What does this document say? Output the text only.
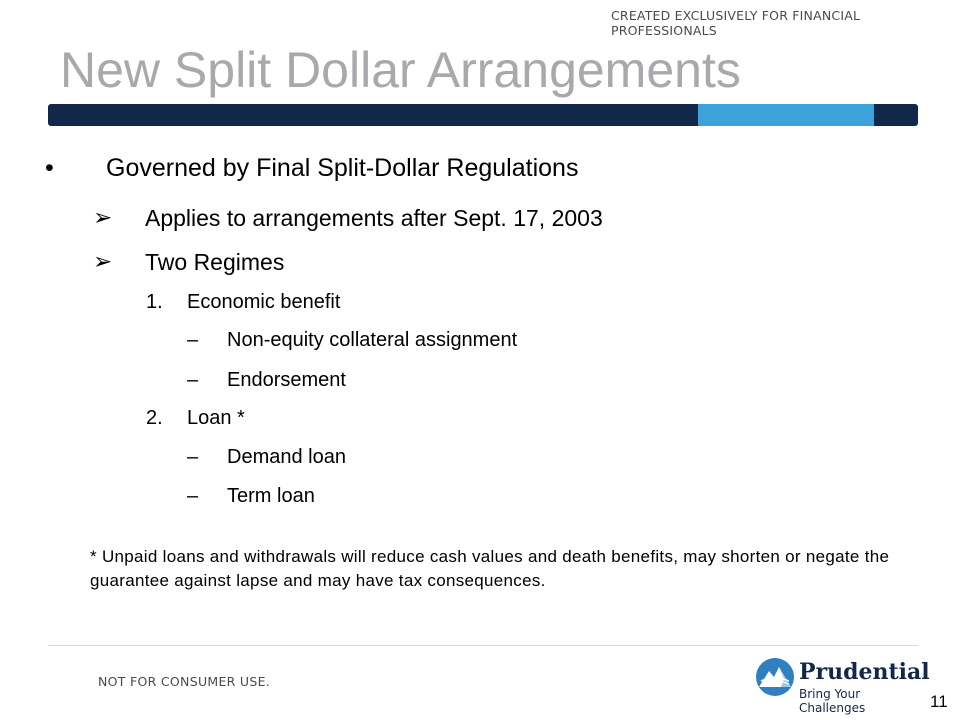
CREATED EXCLUSIVELY FOR FINANCIAL
PROFESSIONALS
New Split Dollar Arrangements
• Governed by Final Split-Dollar Regulations
➢ Applies to arrangements after Sept. 17, 2003
➢ Two Regimes
1. Economic benefit
– Non-equity collateral assignment
– Endorsement
2. Loan *
– Demand loan
– Term loan
* Unpaid loans and withdrawals will reduce cash values and death benefits, may shorten or negate the guarantee against lapse and may have tax consequences.
NOT FOR CONSUMER USE.	Prudential
Bring Your Challenges	11
